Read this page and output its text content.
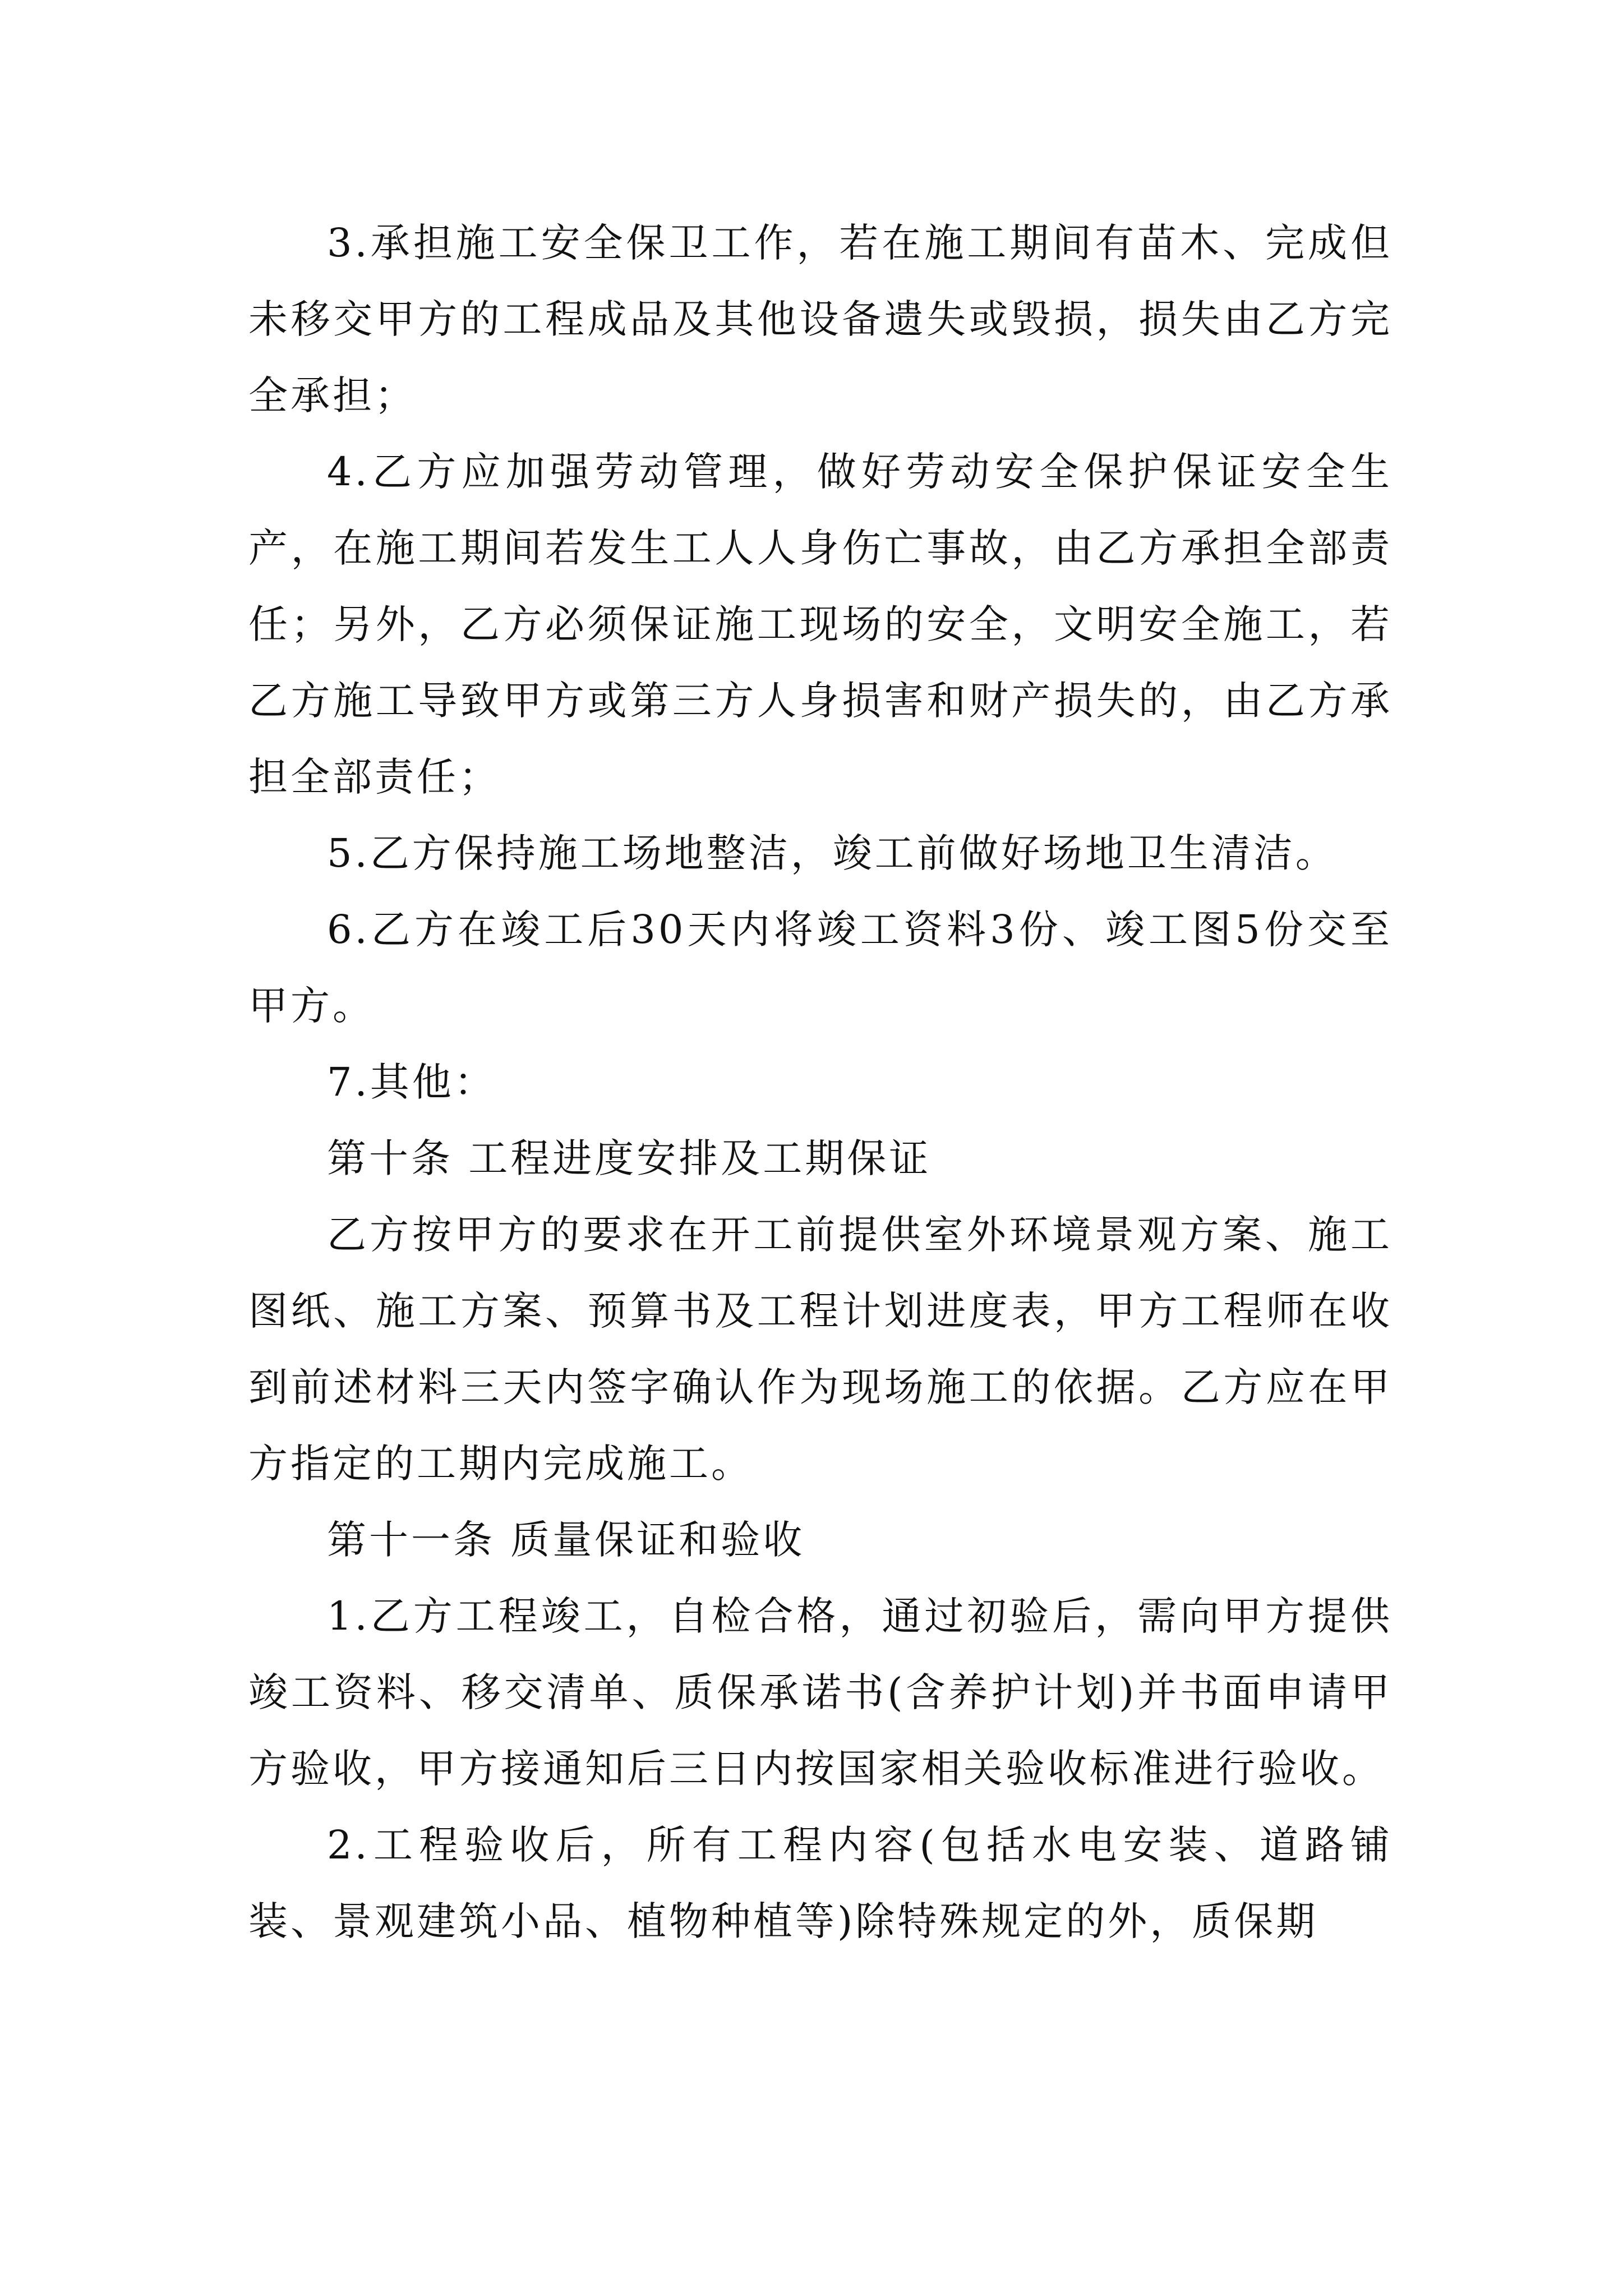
3.承担施工安全保卫工作，若在施工期间有苗木、完成但未移交甲方的工程成品及其他设备遗失或毁损，损失由乙方完全承担；

4.乙方应加强劳动管理，做好劳动安全保护保证安全生产，在施工期间若发生工人人身伤亡事故，由乙方承担全部责任；另外，乙方必须保证施工现场的安全，文明安全施工，若乙方施工导致甲方或第三方人身损害和财产损失的，由乙方承担全部责任；

5.乙方保持施工场地整洁，竣工前做好场地卫生清洁。

6.乙方在竣工后30天内将竣工资料3份、竣工图5份交至甲方。

7.其他：

第十条 工程进度安排及工期保证

乙方按甲方的要求在开工前提供室外环境景观方案、施工图纸、施工方案、预算书及工程计划进度表，甲方工程师在收到前述材料三天内签字确认作为现场施工的依据。乙方应在甲方指定的工期内完成施工。

第十一条 质量保证和验收

1.乙方工程竣工，自检合格，通过初验后，需向甲方提供竣工资料、移交清单、质保承诺书(含养护计划)并书面申请甲方验收，甲方接通知后三日内按国家相关验收标准进行验收。

2.工程验收后，所有工程内容(包括水电安装、道路铺装、景观建筑小品、植物种植等)除特殊规定的外，质保期
